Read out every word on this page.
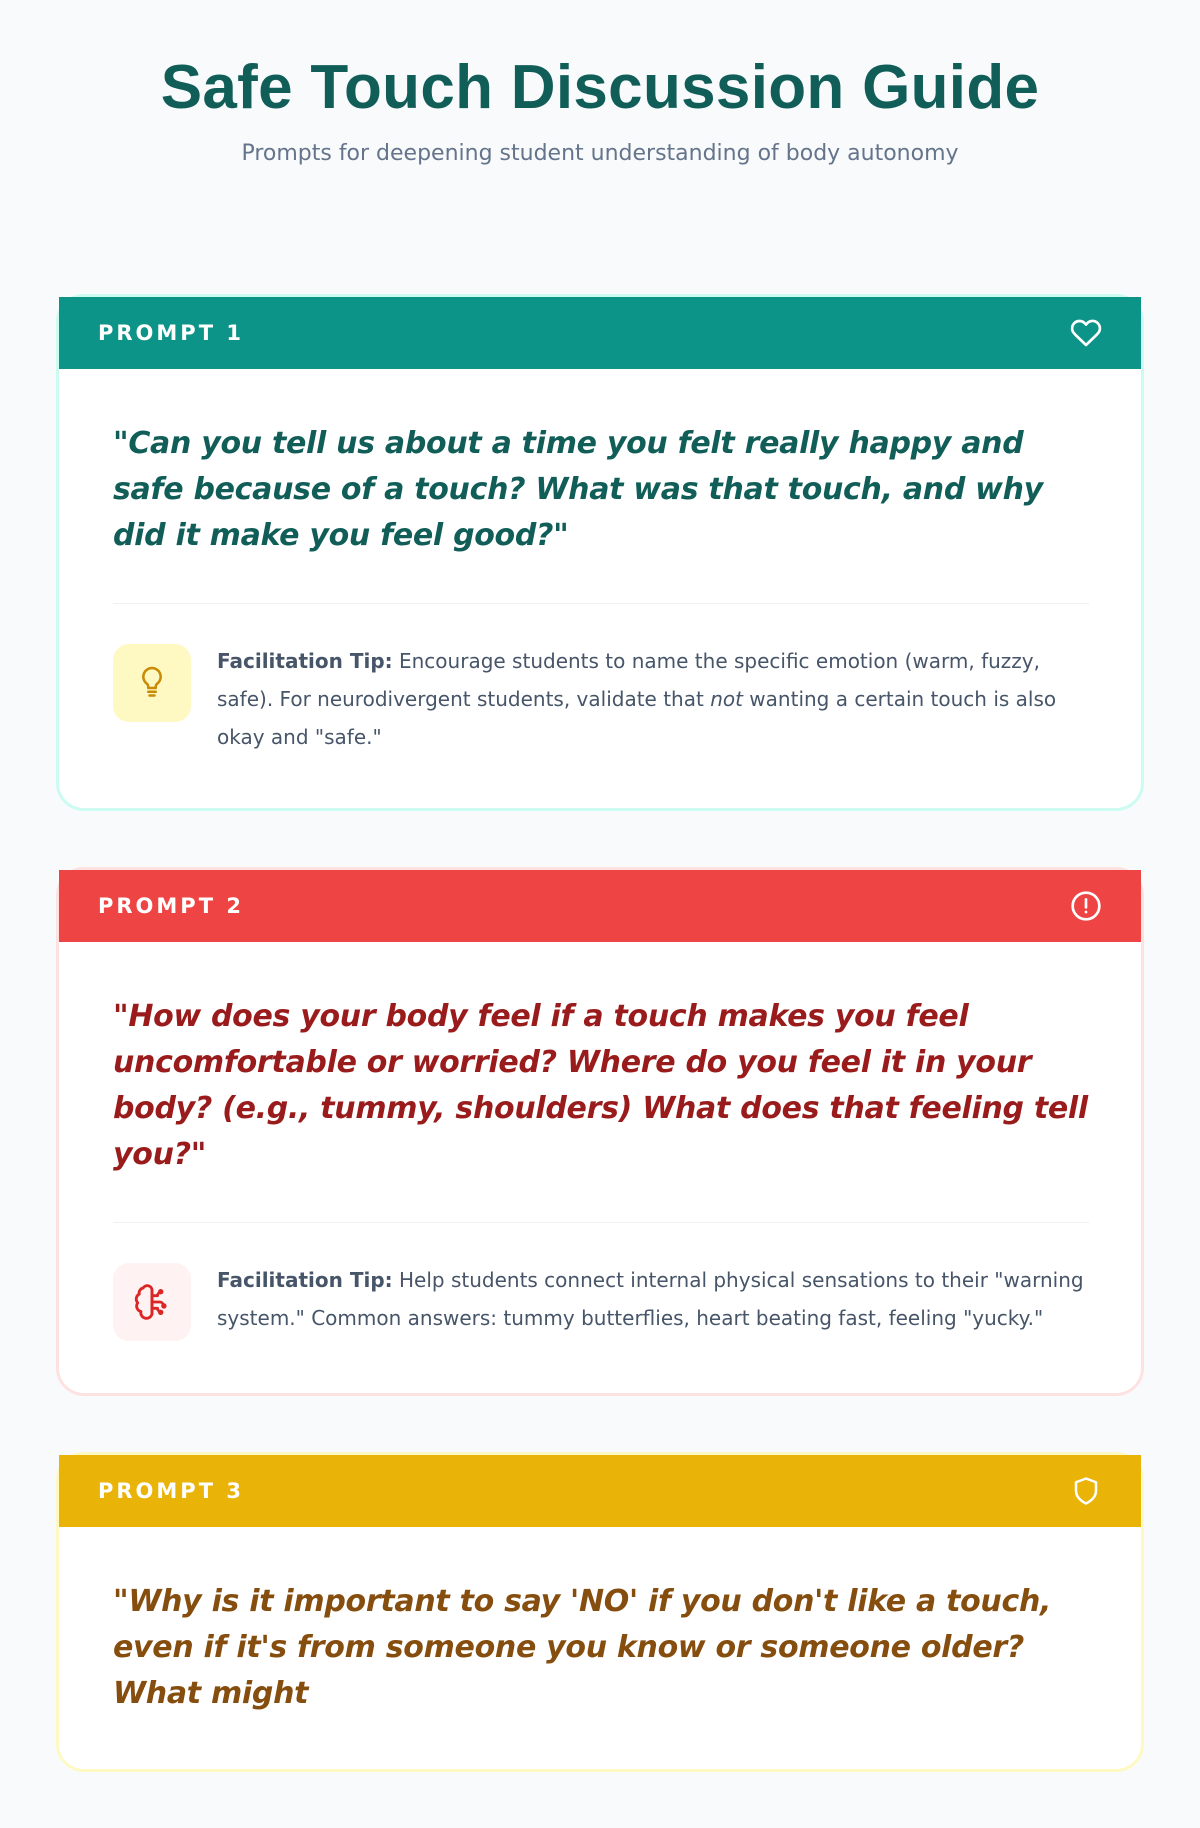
Safe Touch Discussion Guide

Prompts for deepening student understanding of body autonomy

PROMPT 1

"Can you tell us about a time you felt really happy and safe because of a touch? What was that touch, and why did it make you feel good?"

Facilitation Tip: Encourage students to name the specific emotion (warm, fuzzy, safe). For neurodivergent students, validate that not wanting a certain touch is also okay and "safe."

PROMPT 2

"How does your body feel if a touch makes you feel uncomfortable or worried? Where do you feel it in your body? (e.g., tummy, shoulders) What does that feeling tell you?"

Facilitation Tip: Help students connect internal physical sensations to their "warning system." Common answers: tummy butterflies, heart beating fast, feeling "yucky."

PROMPT 3

"Why is it important to say 'NO' if you don't like a touch, even if it's from someone you know or someone older? What might
